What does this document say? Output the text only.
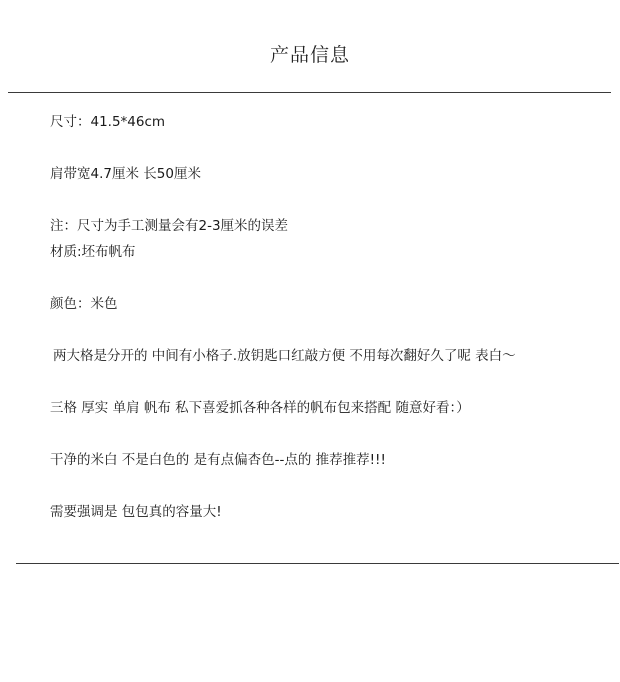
产品信息
尺寸：41.5*46cm
肩带宽4.7厘米 长50厘米
注：尺寸为手工测量会有2-3厘米的误差
材质:坯布帆布
颜色：米色
两大格是分开的 中间有小格子.放钥匙口红敲方便 不用每次翻好久了呢 表白～
三格 厚实 单肩 帆布 私下喜爱抓各种各样的帆布包来搭配 随意好看：）
干净的米白 不是白色的 是有点偏杏色--点的 推荐推荐!!!
需要强调是 包包真的容量大!
